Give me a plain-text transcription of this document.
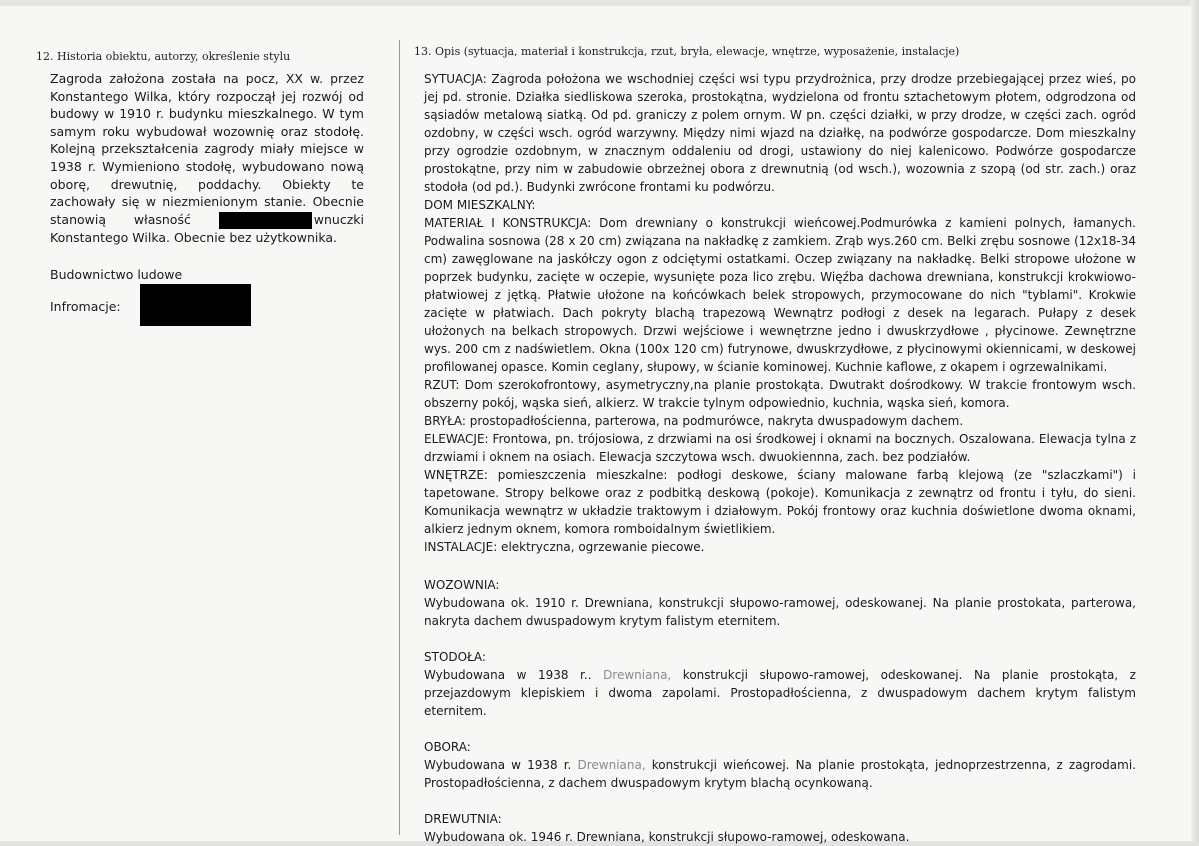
12. Historia obiektu, autorzy, określenie stylu	13. Opis (sytuacja, materiał i konstrukcja, rzut, bryła, elewacje, wnętrze, wyposażenie, instalacje)

Zagroda założona została na pocz, XX w. przez Konstantego Wilka, który rozpoczął jej rozwój od budowy w 1910 r. budynku mieszkalnego. W tym samym roku wybudował wozownię oraz stodołę. Kolejną przekształcenia zagrody miały miejsce w 1938 r. Wymieniono stodołę, wybudowano nową oborę, drewutnię, poddachy. Obiekty te zachowały się w niezmienionym stanie. Obecnie stanowią własność	wnuczki Konstantego Wilka. Obecnie bez użytkownika.

Budownictwo ludowe

Infromacje:

SYTUACJA: Zagroda położona we wschodniej części wsi typu przydrożnica, przy drodze przebiegającej przez wieś, po jej pd. stronie. Działka siedliskowa szeroka, prostokątna, wydzielona od frontu sztachetowym płotem, odgrodzona od sąsiadów metalową siatką. Od pd. graniczy z polem ornym. W pn. części działki, w przy drodze, w części zach. ogród ozdobny, w części wsch. ogród warzywny. Między nimi wjazd na działkę, na podwórze gospodarcze. Dom mieszkalny przy ogrodzie ozdobnym, w znacznym oddaleniu od drogi, ustawiony do niej kalenicowo. Podwórze gospodarcze prostokątne, przy nim w zabudowie obrzeżnej obora z drewnutnią (od wsch.), wozownia z szopą (od str. zach.) oraz stodoła (od pd.). Budynki zwrócone frontami ku podwórzu.

DOM MIESZKALNY:

MATERIAŁ I KONSTRUKCJA: Dom drewniany o konstrukcji wieńcowej.Podmurówka z kamieni polnych, łamanych. Podwalina sosnowa (28 x 20 cm) związana na nakładkę z zamkiem. Zrąb wys.260 cm. Belki zrębu sosnowe (12x18-34 cm) zawęglowane na jaskółczy ogon z odciętymi ostatkami. Oczep związany na nakładkę. Belki stropowe ułożone w poprzek budynku, zacięte w oczepie, wysunięte poza lico zrębu. Więźba dachowa drewniana, konstrukcji krokwiowo-płatwiowej z jętką. Płatwie ułożone na końcówkach belek stropowych, przymocowane do nich "tyblami". Krokwie zacięte w płatwiach. Dach pokryty blachą trapezową Wewnątrz podłogi z desek na legarach. Pułapy z desek ułożonych na belkach stropowych. Drzwi wejściowe i wewnętrzne jedno i dwuskrzydłowe , płycinowe. Zewnętrzne wys. 200 cm z nadświetlem. Okna (100x 120 cm) futrynowe, dwuskrzydłowe, z płycinowymi okiennicami, w deskowej profilowanej opasce. Komin ceglany, słupowy, w ścianie kominowej. Kuchnie kaflowe, z okapem i ogrzewalnikami.

RZUT: Dom szerokofrontowy, asymetryczny,na planie prostokąta. Dwutrakt dośrodkowy. W trakcie frontowym wsch. obszerny pokój, wąska sień, alkierz. W trakcie tylnym odpowiednio, kuchnia, wąska sień, komora.

BRYŁA: prostopadłościenna, parterowa, na podmurówce, nakryta dwuspadowym dachem.

ELEWACJE: Frontowa, pn. trójosiowa, z drzwiami na osi środkowej i oknami na bocznych. Oszalowana. Elewacja tylna z drzwiami i oknem na osiach. Elewacja szczytowa wsch. dwuokiennna, zach. bez podziałów.

WNĘTRZE: pomieszczenia mieszkalne: podłogi deskowe, ściany malowane farbą klejową (ze "szlaczkami") i tapetowane. Stropy belkowe oraz z podbitką deskową (pokoje). Komunikacja z zewnątrz od frontu i tyłu, do sieni. Komunikacja wewnątrz w układzie traktowym i działowym. Pokój frontowy oraz kuchnia doświetlone dwoma oknami, alkierz jednym oknem, komora romboidalnym świetlikiem.

INSTALACJE: elektryczna, ogrzewanie piecowe.

WOZOWNIA:

Wybudowana ok. 1910 r. Drewniana, konstrukcji słupowo-ramowej, odeskowanej. Na planie prostokata, parterowa, nakryta dachem dwuspadowym krytym falistym eternitem.

STODOŁA:

Wybudowana w 1938 r.. Drewniana, konstrukcji słupowo-ramowej, odeskowanej. Na planie prostokąta, z przejazdowym klepiskiem i dwoma zapolami. Prostopadłościenna, z dwuspadowym dachem krytym falistym eternitem.

OBORA:

Wybudowana w 1938 r. Drewniana, konstrukcji wieńcowej. Na planie prostokąta, jednoprzestrzenna, z zagrodami. Prostopadłościenna, z dachem dwuspadowym krytym blachą ocynkowaną.

DREWUTNIA:

Wybudowana ok. 1946 r. Drewniana, konstrukcji słupowo-ramowej, odeskowana.
